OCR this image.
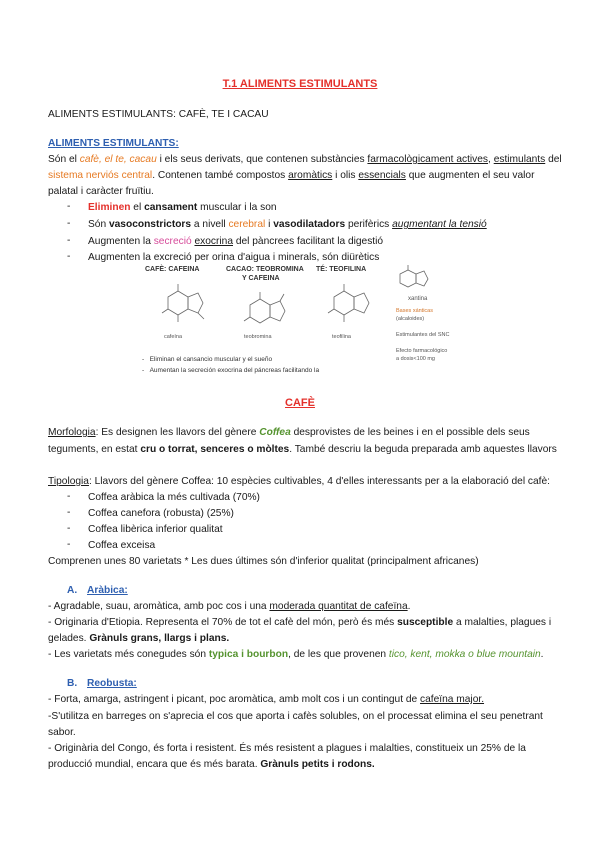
T.1 ALIMENTS ESTIMULANTS
ALIMENTS ESTIMULANTS: CAFÈ, TE I CACAU
ALIMENTS ESTIMULANTS:
Són el cafè, el te, cacau i els seus derivats, que contenen substàncies farmacològicament actives, estimulants del
sistema nerviós central. Contenen també compostos aromàtics i olis essencials que augmenten el seu valor
palatal i caràcter fruïtiu.
- Eliminen el cansament muscular i la son
- Són vasoconstrictors a nivell cerebral i vasodilatadors perifèrics augmentant la tensió
- Augmenten la secreció exocrina del pàncrees facilitant la digestió
- Augmenten la excreció per orina d'aigua i minerals, són diürètics
CAFÈ: CAFEINA	CACAO: TEOBROMINA
Y CAFEINA
TÉ: TEOFILINA
cafeína	teobromina	teofilina
xantina
Bases xánticas
(alcaloides)
Estimulantes del SNC
Efecto farmacológico
a dosis<100 mg
-   Eliminan el cansancio muscular y el sueño
-   Aumentan la secreción exocrina del páncreas facilitando la
CAFÈ
Morfologia: Es designen les llavors del gènere Coffea desprovistes de les beines i en el possible dels seus
teguments, en estat cru o torrat, senceres o mòltes. També descriu la beguda preparada amb aquestes llavors
Tipologia: Llavors del gènere Coffea: 10 espècies cultivables, 4 d'elles interessants per a la elaboració del cafè:
- Coffea aràbica la més cultivada (70%)
- Coffea canefora (robusta) (25%)
- Coffea libèrica inferior qualitat
- Coffea exceisa
Comprenen unes 80 varietats * Les dues últimes són d'inferior qualitat (principalment africanes)
A. Aràbica:
- Agradable, suau, aromàtica, amb poc cos i una moderada quantitat de cafeïna.
- Originaria d'Etiopia. Representa el 70% de tot el cafè del món, però és més susceptible a malalties, plagues i
gelades. Grànuls grans, llargs i plans.
- Les varietats més conegudes són typica i bourbon, de les que provenen tico, kent, mokka o blue mountain.
B. Reobusta:
- Forta, amarga, astringent i picant, poc aromàtica, amb molt cos i un contingut de cafeïna major.
-S'utilitza en barreges on s'aprecia el cos que aporta i cafès solubles, on el processat elimina el seu penetrant
sabor.
- Originària del Congo, és forta i resistent. És més resistent a plagues i malalties, constitueix un 25% de la
producció mundial, encara que és més barata. Grànuls petits i rodons.
